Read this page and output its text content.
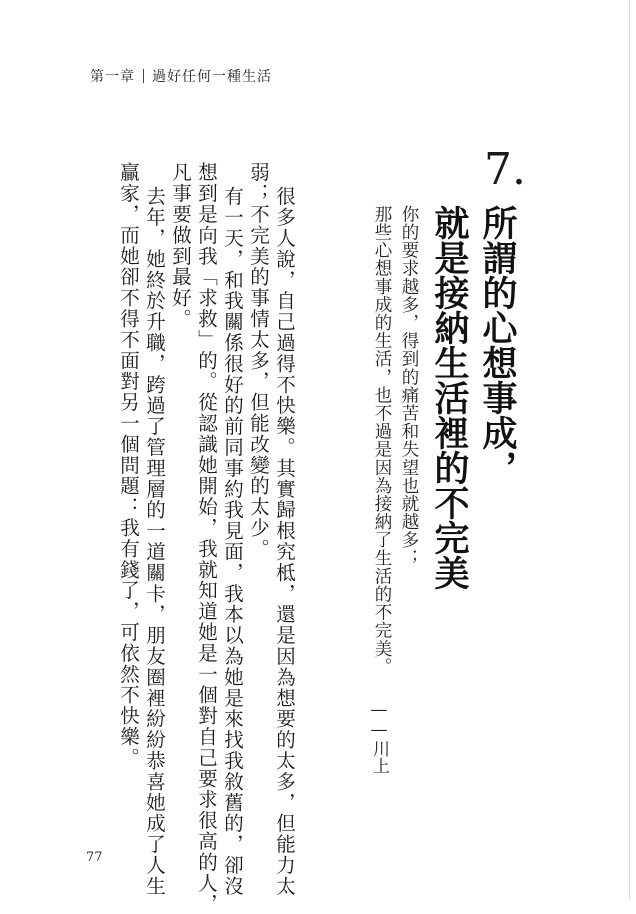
第一章 過好任何一種生活
7.
所謂的心想事成，
就是接納生活裡的不完美
你的要求越多，得到的痛苦和失望也就越多；
那些心想事成的生活，也不過是因為接納了生活的不完美。
——川上
很多人說，自己過得不快樂。其實歸根究柢，還是因為想要的太多，但能力太
弱；不完美的事情太多，但能改變的太少。
有一天，和我關係很好的前同事約我見面，我本以為她是來找我敘舊的，卻沒
想到是向我「求救」的。從認識她開始，我就知道她是一個對自己要求很高的人，
凡事要做到最好。
去年，她終於升職，跨過了管理層的一道關卡，朋友圈裡紛紛恭喜她成了人生
贏家，而她卻不得不面對另一個問題：我有錢了，可依然不快樂。
77
